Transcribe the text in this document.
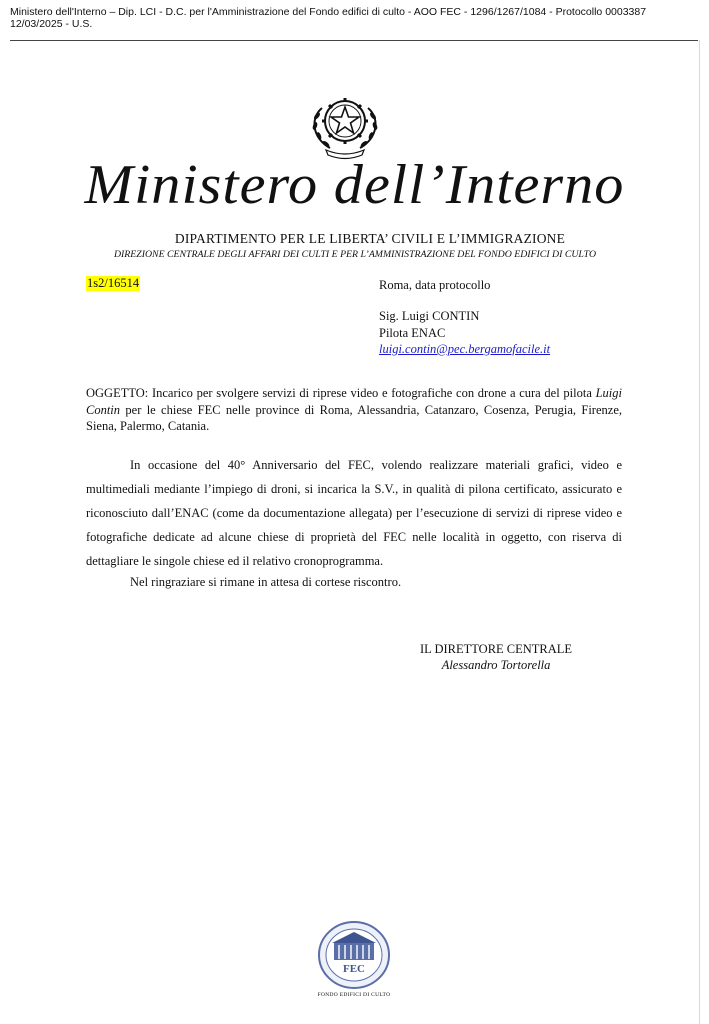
Ministero dell'Interno – Dip. LCI - D.C. per l'Amministrazione del Fondo edifici di culto - AOO FEC - 1296/1267/1084 - Protocollo 0003387
12/03/2025 - U.S.
Ministero dell’Interno
DIPARTIMENTO PER LE LIBERTA’ CIVILI E L’IMMIGRAZIONE
DIREZIONE CENTRALE DEGLI AFFARI DEI CULTI E PER L’AMMINISTRAZIONE DEL FONDO EDIFICI DI CULTO
1s2/16514	Roma, data protocollo
Sig. Luigi CONTIN
Pilota ENAC
luigi.contin@pec.bergamofacile.it
OGGETTO: Incarico per svolgere servizi di riprese video e fotografiche con drone a cura del pilota Luigi Contin per le chiese FEC nelle province di Roma, Alessandria, Catanzaro, Cosenza, Perugia, Firenze, Siena, Palermo, Catania.
In occasione del 40° Anniversario del FEC, volendo realizzare materiali grafici, video e multimediali mediante l’impiego di droni, si incarica la S.V., in qualità di pilona certificato, assicurato e riconosciuto dall’ENAC (come da documentazione allegata) per l’esecuzione di servizi di riprese video e fotografiche dedicate ad alcune chiese di proprietà del FEC nelle località in oggetto, con riserva di dettagliare le singole chiese ed il relativo cronoprogramma.
Nel ringraziare si rimane in attesa di cortese riscontro.
IL DIRETTORE CENTRALE
Alessandro Tortorella
FEC
FONDO EDIFICI DI CULTO
